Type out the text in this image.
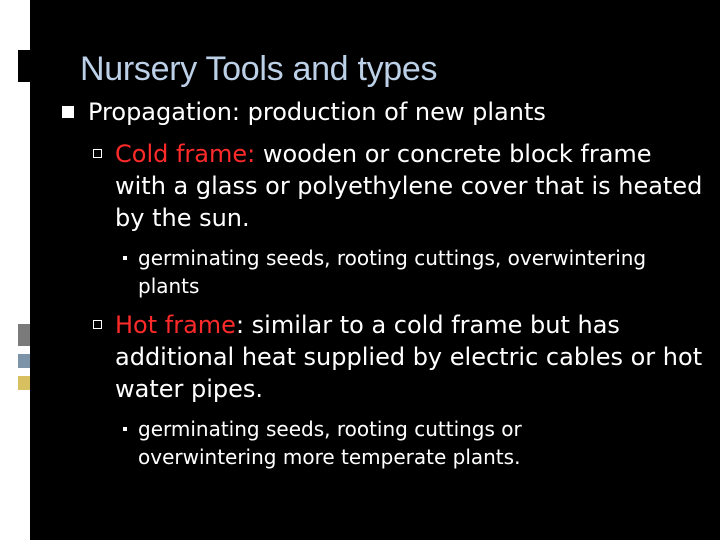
Nursery Tools and types
Propagation: production of new plants
Cold frame: wooden or concrete block frame with a glass or polyethylene cover that is heated by the sun.
germinating seeds, rooting cuttings, overwintering plants
Hot frame: similar to a cold frame but has additional heat supplied by electric cables or hot water pipes.
germinating seeds, rooting cuttings or overwintering more temperate plants.
